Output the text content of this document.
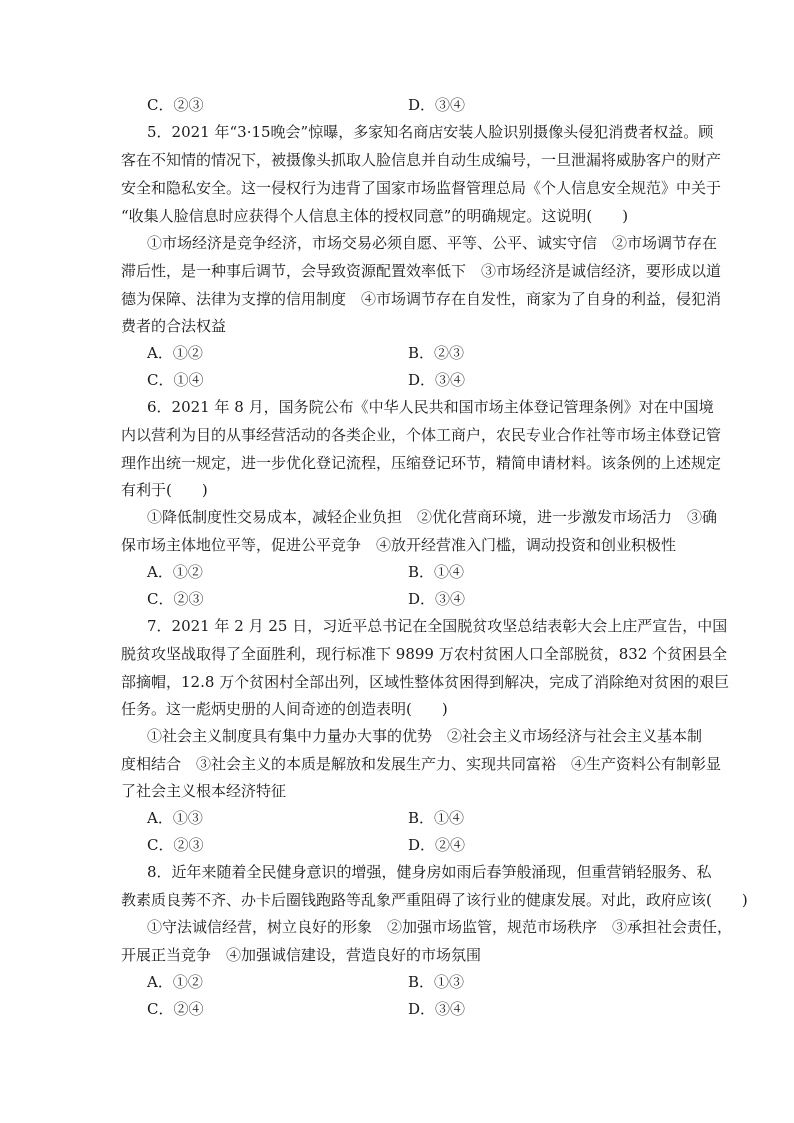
C．②③	D．③④
5．2021 年“3·15晚会”惊曝，多家知名商店安装人脸识别摄像头侵犯消费者权益。顾
客在不知情的情况下，被摄像头抓取人脸信息并自动生成编号，一旦泄漏将威胁客户的财产
安全和隐私安全。这一侵权行为违背了国家市场监督管理总局《个人信息安全规范》中关于
“收集人脸信息时应获得个人信息主体的授权同意”的明确规定。这说明(　　)
①市场经济是竞争经济，市场交易必须自愿、平等、公平、诚实守信　②市场调节存在
滞后性，是一种事后调节，会导致资源配置效率低下　③市场经济是诚信经济，要形成以道
德为保障、法律为支撑的信用制度　④市场调节存在自发性，商家为了自身的利益，侵犯消
费者的合法权益
A．①②	B．②③
C．①④	D．③④
6．2021 年 8 月，国务院公布《中华人民共和国市场主体登记管理条例》对在中国境
内以营利为目的从事经营活动的各类企业，个体工商户，农民专业合作社等市场主体登记管
理作出统一规定，进一步优化登记流程，压缩登记环节，精简申请材料。该条例的上述规定
有利于(　　)
①降低制度性交易成本，减轻企业负担　②优化营商环境，进一步激发市场活力　③确
保市场主体地位平等，促进公平竞争　④放开经营准入门槛，调动投资和创业积极性
A．①②	B．①④
C．②③	D．③④
7．2021 年 2 月 25 日，习近平总书记在全国脱贫攻坚总结表彰大会上庄严宣告，中国
脱贫攻坚战取得了全面胜利，现行标准下 9899 万农村贫困人口全部脱贫，832 个贫困县全
部摘帽，12.8 万个贫困村全部出列，区域性整体贫困得到解决，完成了消除绝对贫困的艰巨
任务。这一彪炳史册的人间奇迹的创造表明(　　)
①社会主义制度具有集中力量办大事的优势　②社会主义市场经济与社会主义基本制
度相结合　③社会主义的本质是解放和发展生产力、实现共同富裕　④生产资料公有制彰显
了社会主义根本经济特征
A．①③	B．①④
C．②③	D．②④
8．近年来随着全民健身意识的增强，健身房如雨后春笋般涌现，但重营销轻服务、私
教素质良莠不齐、办卡后圈钱跑路等乱象严重阻碍了该行业的健康发展。对此，政府应该(　　)
①守法诚信经营，树立良好的形象　②加强市场监管，规范市场秩序　③承担社会责任，
开展正当竞争　④加强诚信建设，营造良好的市场氛围
A．①②	B．①③
C．②④	D．③④
